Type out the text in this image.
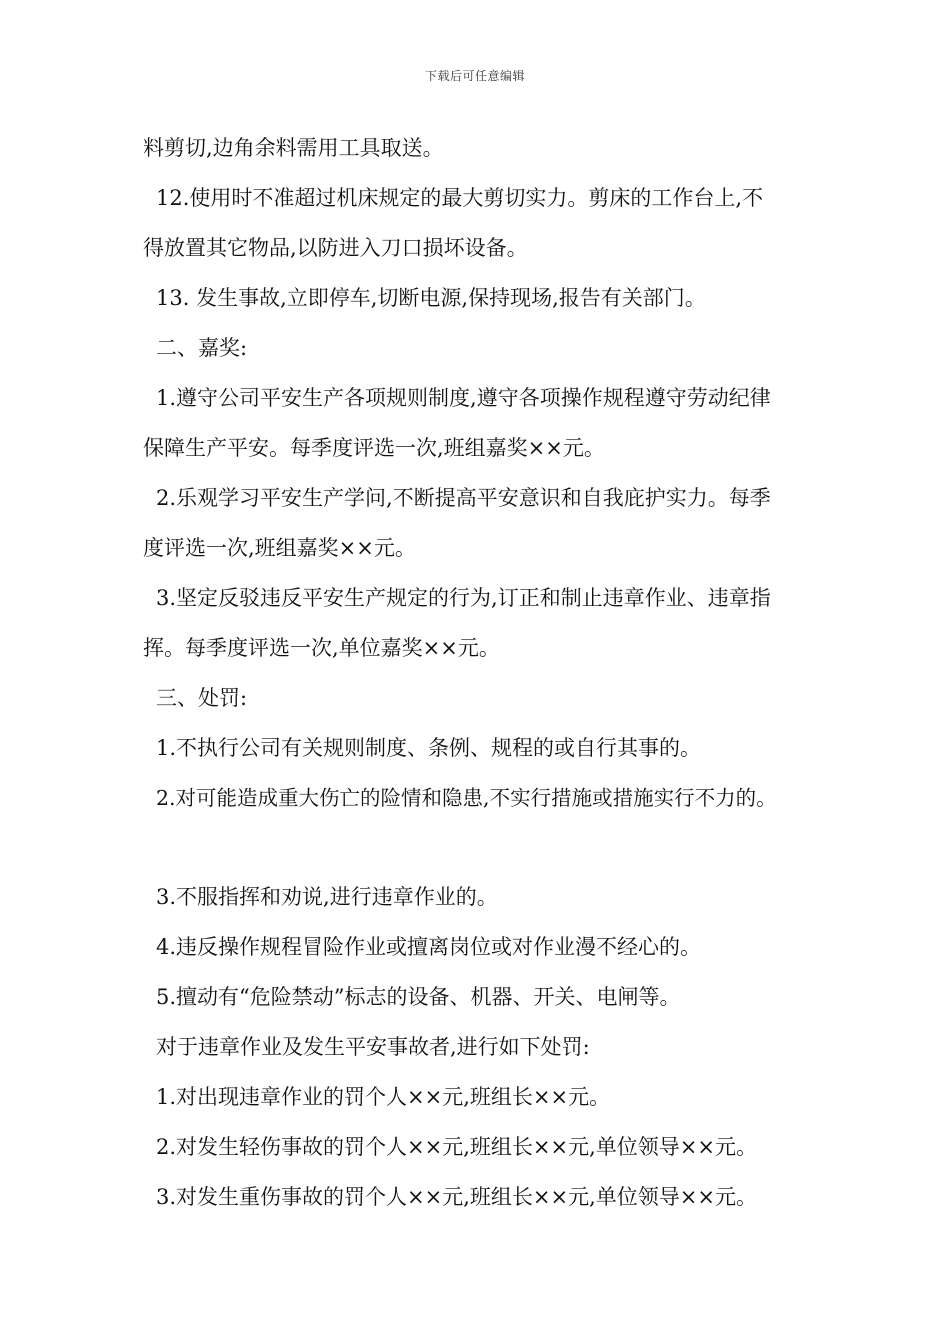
下载后可任意编辑
料剪切,边角余料需用工具取送。
12.使用时不准超过机床规定的最大剪切实力。剪床的工作台上,不
得放置其它物品,以防进入刀口损坏设备。
13. 发生事故,立即停车,切断电源,保持现场,报告有关部门。
二、嘉奖:
1.遵守公司平安生产各项规则制度,遵守各项操作规程遵守劳动纪律
保障生产平安。每季度评选一次,班组嘉奖××元。
2.乐观学习平安生产学问,不断提高平安意识和自我庇护实力。每季
度评选一次,班组嘉奖××元。
3.坚定反驳违反平安生产规定的行为,订正和制止违章作业、违章指
挥。每季度评选一次,单位嘉奖××元。
三、处罚:
1.不执行公司有关规则制度、条例、规程的或自行其事的。
2.对可能造成重大伤亡的险情和隐患,不实行措施或措施实行不力的。
3.不服指挥和劝说,进行违章作业的。
4.违反操作规程冒险作业或擅离岗位或对作业漫不经心的。
5.擅动有“危险禁动”标志的设备、机器、开关、电闸等。
对于违章作业及发生平安事故者,进行如下处罚:
1.对出现违章作业的罚个人××元,班组长××元。
2.对发生轻伤事故的罚个人××元,班组长××元,单位领导××元。
3.对发生重伤事故的罚个人××元,班组长××元,单位领导××元。
